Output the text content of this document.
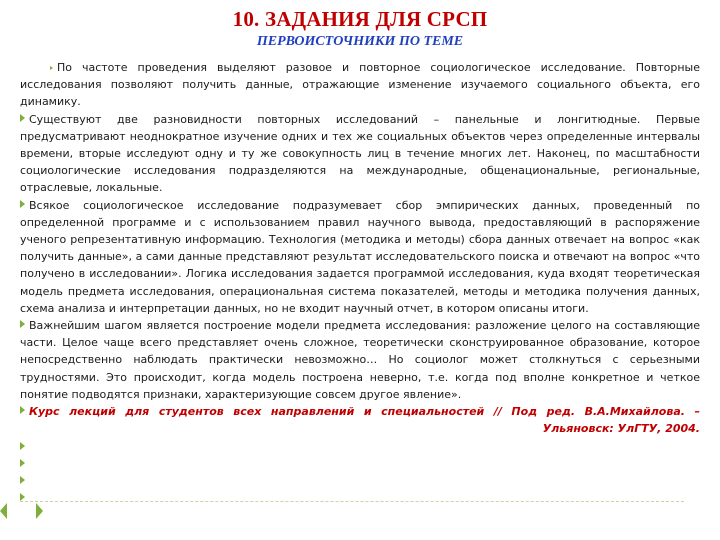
10. ЗАДАНИЯ ДЛЯ СРСП
ПЕРВОИСТОЧНИКИ ПО ТЕМЕ

По частоте проведения выделяют разовое и повторное социологическое исследование. Повторные исследования позволяют получить данные, отражающие изменение изучаемого социального объекта, его динамику.

Существуют две разновидности повторных исследований – панельные и лонгитюдные. Первые предусматривают неоднократное изучение одних и тех же социальных объектов через определенные интервалы времени, вторые исследуют одну и ту же совокупность лиц в течение многих лет. Наконец, по масштабности социологические исследования подразделяются на международные, общенациональные, региональные, отраслевые, локальные.

Всякое социологическое исследование подразумевает сбор эмпирических данных, проведенный по определенной программе и с использованием правил научного вывода, предоставляющий в распоряжение ученого репрезентативную информацию. Технология (методика и методы) сбора данных отвечает на вопрос «как получить данные», а сами данные представляют результат исследовательского поиска и отвечают на вопрос «что получено в исследовании». Логика исследования задается программой исследования, куда входят теоретическая модель предмета исследования, операциональная система показателей, методы и методика получения данных, схема анализа и интерпретации данных, но не входит научный отчет, в котором описаны итоги.

Важнейшим шагом является построение модели предмета исследования: разложение целого на составляющие части. Целое чаще всего представляет очень сложное, теоретически сконструированное образование, которое непосредственно наблюдать практически невозможно… Но социолог может столкнуться с серьезными трудностями. Это происходит, когда модель построена неверно, т.е. когда под вполне конкретное и четкое понятие подводятся признаки, характеризующие совсем другое явление».

Курс лекций для студентов всех направлений и специальностей // Под ред. В.А.Михайлова. – Ульяновск: УлГТУ, 2004.
